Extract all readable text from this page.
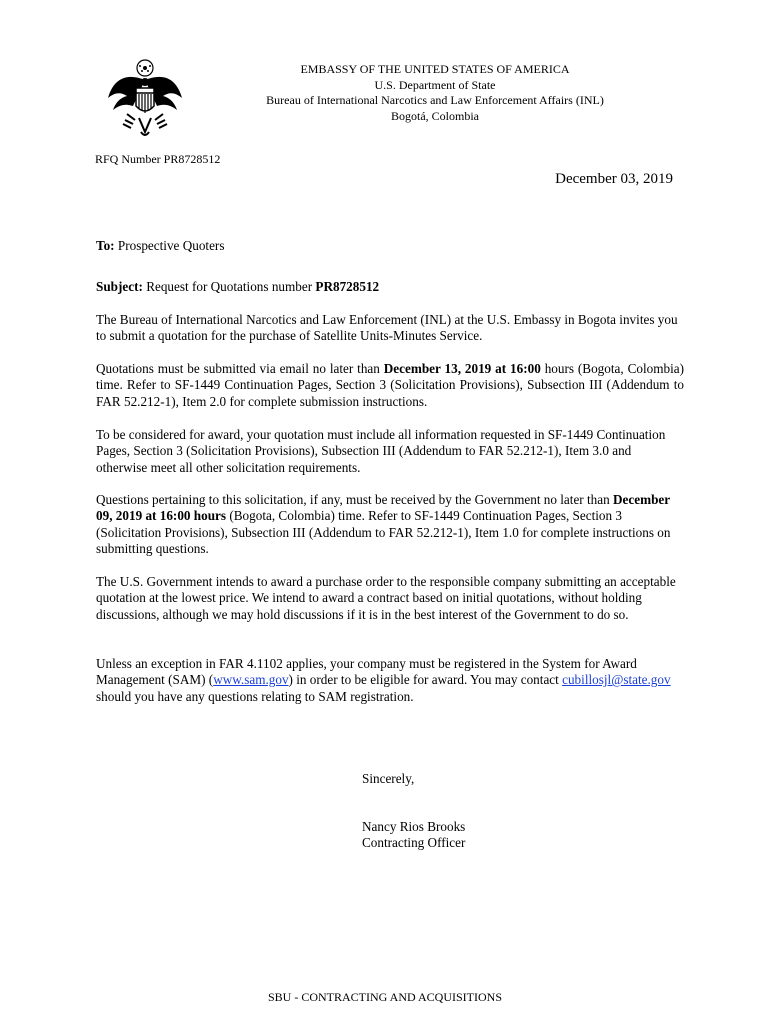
EMBASSY OF THE UNITED STATES OF AMERICA
U.S. Department of State
Bureau of International Narcotics and Law Enforcement Affairs (INL)
Bogotá, Colombia
RFQ Number PR8728512
December 03, 2019
To: Prospective Quoters
Subject: Request for Quotations number PR8728512

The Bureau of International Narcotics and Law Enforcement (INL) at the U.S. Embassy in Bogota invites you to submit a quotation for the purchase of Satellite Units-Minutes Service.

Quotations must be submitted via email no later than December 13, 2019 at 16:00 hours (Bogota, Colombia) time. Refer to SF-1449 Continuation Pages, Section 3 (Solicitation Provisions), Subsection III (Addendum to FAR 52.212-1), Item 2.0 for complete submission instructions.

To be considered for award, your quotation must include all information requested in SF-1449 Continuation Pages, Section 3 (Solicitation Provisions), Subsection III (Addendum to FAR 52.212-1), Item 3.0 and otherwise meet all other solicitation requirements.

Questions pertaining to this solicitation, if any, must be received by the Government no later than December 09, 2019 at 16:00 hours (Bogota, Colombia) time. Refer to SF-1449 Continuation Pages, Section 3 (Solicitation Provisions), Subsection III (Addendum to FAR 52.212-1), Item 1.0 for complete instructions on submitting questions.

The U.S. Government intends to award a purchase order to the responsible company submitting an acceptable quotation at the lowest price. We intend to award a contract based on initial quotations, without holding discussions, although we may hold discussions if it is in the best interest of the Government to do so.

Unless an exception in FAR 4.1102 applies, your company must be registered in the System for Award Management (SAM) (www.sam.gov) in order to be eligible for award. You may contact cubillosjl@state.gov should you have any questions relating to SAM registration.

Sincerely,
Nancy Rios Brooks
Contracting Officer
SBU - CONTRACTING AND ACQUISITIONS
